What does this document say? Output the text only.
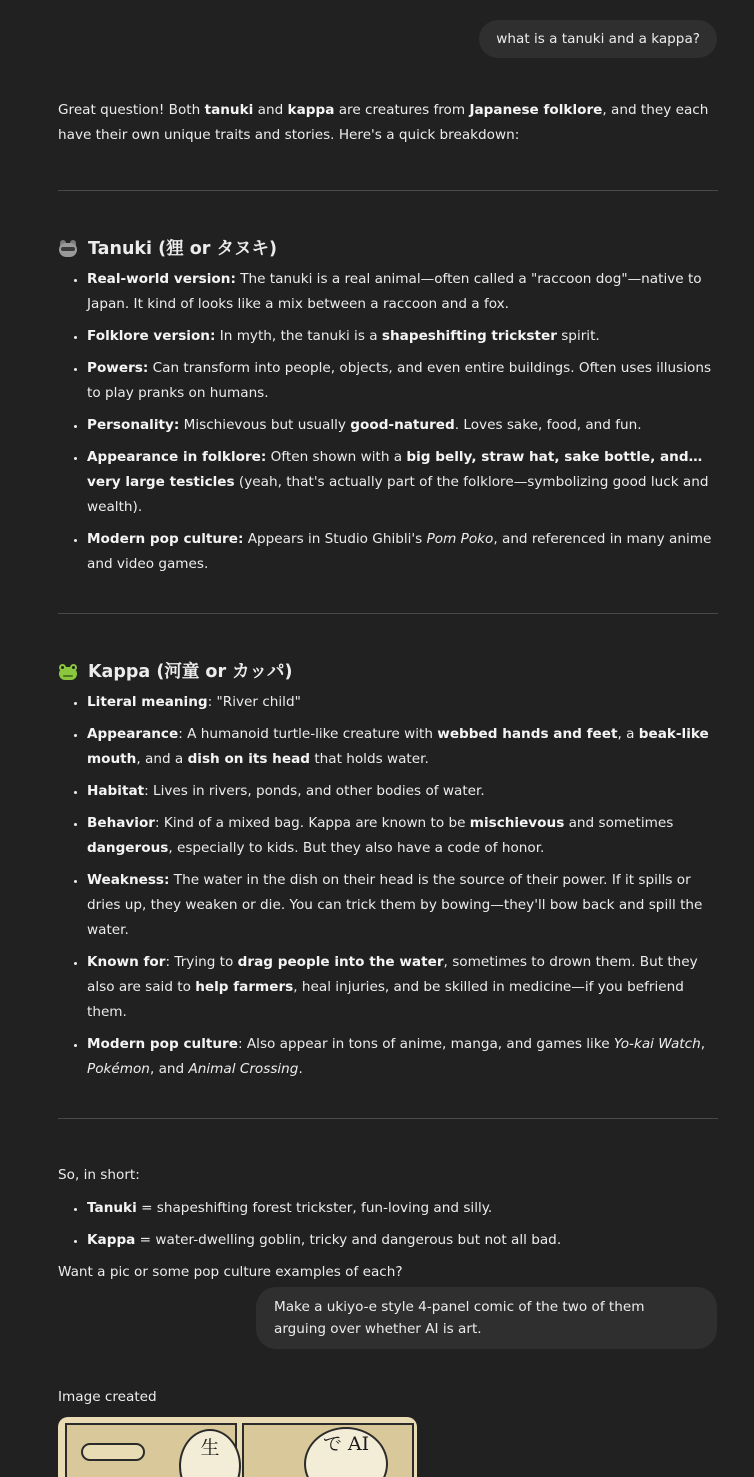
what is a tanuki and a kappa?

Great question! Both tanuki and kappa are creatures from Japanese folklore, and they each have their own unique traits and stories. Here's a quick breakdown:

Tanuki (狸 or タヌキ)
• Real-world version: The tanuki is a real animal—often called a "raccoon dog"—native to Japan. It kind of looks like a mix between a raccoon and a fox.
• Folklore version: In myth, the tanuki is a shapeshifting trickster spirit.
• Powers: Can transform into people, objects, and even entire buildings. Often uses illusions to play pranks on humans.
• Personality: Mischievous but usually good-natured. Loves sake, food, and fun.
• Appearance in folklore: Often shown with a big belly, straw hat, sake bottle, and… very large testicles (yeah, that's actually part of the folklore—symbolizing good luck and wealth).
• Modern pop culture: Appears in Studio Ghibli's Pom Poko, and referenced in many anime and video games.
Kappa (河童 or カッパ)
• Literal meaning: "River child"
• Appearance: A humanoid turtle-like creature with webbed hands and feet, a beak-like mouth, and a dish on its head that holds water.
• Habitat: Lives in rivers, ponds, and other bodies of water.
• Behavior: Kind of a mixed bag. Kappa are known to be mischievous and sometimes dangerous, especially to kids. But they also have a code of honor.
• Weakness: The water in the dish on their head is the source of their power. If it spills or dries up, they weaken or die. You can trick them by bowing—they'll bow back and spill the water.
• Known for: Trying to drag people into the water, sometimes to drown them. But they also are said to help farmers, heal injuries, and be skilled in medicine—if you befriend them.
• Modern pop culture: Also appear in tons of anime, manga, and games like Yo-kai Watch, Pokémon, and Animal Crossing.

So, in short:

• Tanuki = shapeshifting forest trickster, fun-loving and silly.
• Kappa = water-dwelling goblin, tricky and dangerous but not all bad.

Want a pic or some pop culture examples of each?

Make a ukiyo-e style 4-panel comic of the two of them arguing over whether AI is art.
Image created
生	で AI
